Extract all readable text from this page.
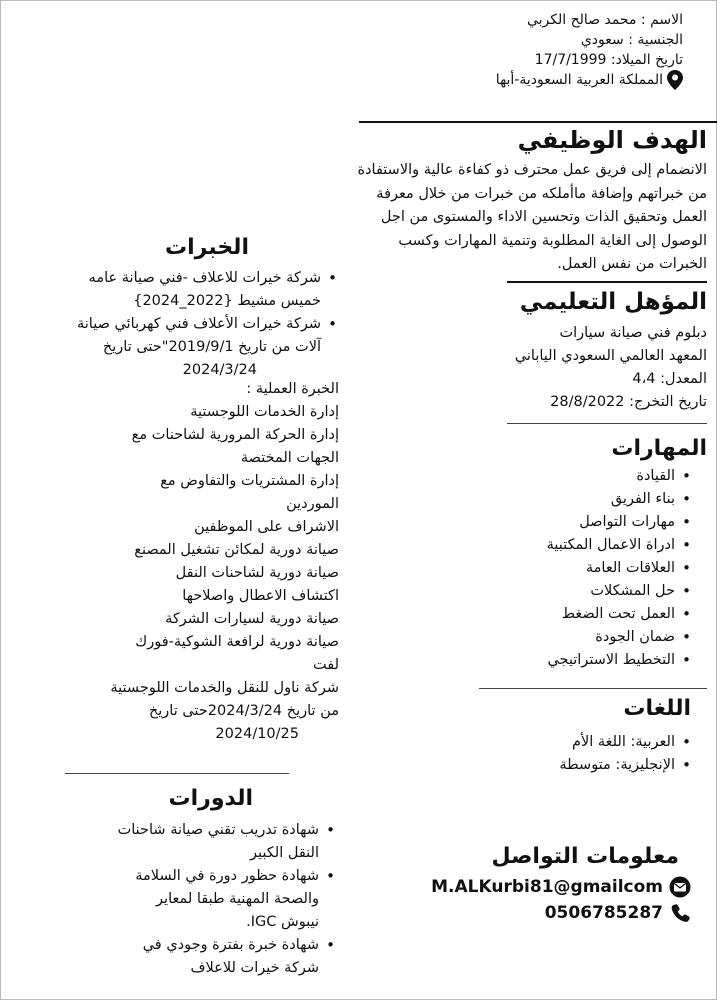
الاسم : محمد صالح الكربي
الجنسية : سعودي
تاريخ الميلاد: 17/7/1999
المملكة العربية السعودية-أبها
الهدف الوظيفي
الانضمام إلى فريق عمل محترف ذو كفاءة عالية والاستفادة
من خبراتهم وإضافة ماأملكه من خبرات من خلال معرفة
العمل وتحقيق الذات وتحسين الاداء والمستوى من اجل
الوصول إلى الغاية المطلوبة وتنمية المهارات وكسب
الخبرات من نفس العمل.
المؤهل التعليمي
دبلوم فني صيانة سيارات
المعهد العالمي السعودي الياباني
المعدل: 4،4
تاريخ التخرج: 28/8/2022
المهارات
• القيادة
• بناء الفريق
• مهارات التواصل
• ادراة الاعمال المكتبية
• العلاقات العامة
• حل المشكلات
• العمل تحت الضغط
• ضمان الجودة
• التخطيط الاستراتيجي
اللغات
• العربية: اللغة الأم
• الإنجليزية: متوسطة
معلومات التواصل
M.ALKurbi81@gmailcom
0506785287
الخبرات
• شركة خيرات للاعلاف -فني صيانة عامه
خميس مشيط {2022_2024}
• شركة خيرات الأعلاف فني كهربائي صيانة
آلات من تاريخ 2019/9/1"حتى تاريخ
2024/3/24
الخبرة العملية :
إدارة الخدمات اللوجستية
إدارة الحركة المرورية لشاحنات مع
الجهات المختصة
إدارة المشتريات والتفاوض مع
الموردين
الاشراف على الموظفين
صيانة دورية لمكائن تشغيل المصنع
صيانة دورية لشاحنات النقل
اكتشاف الاعطال واصلاحها
صيانة دورية لسيارات الشركة
صيانة دورية لرافعة الشوكية-فورك
لفت
شركة ناول للنقل والخدمات اللوجستية
من تاريخ 2024/3/24حتى تاريخ
2024/10/25
الدورات
• شهادة تدريب تقني صيانة شاحنات
النقل الكبير
• شهادة حظور دورة في السلامة
والصحة المهنية طبقا لمعاير
نيبوش IGC.
• شهادة خبرة بفترة وجودي في
شركة خيرات للاعلاف
